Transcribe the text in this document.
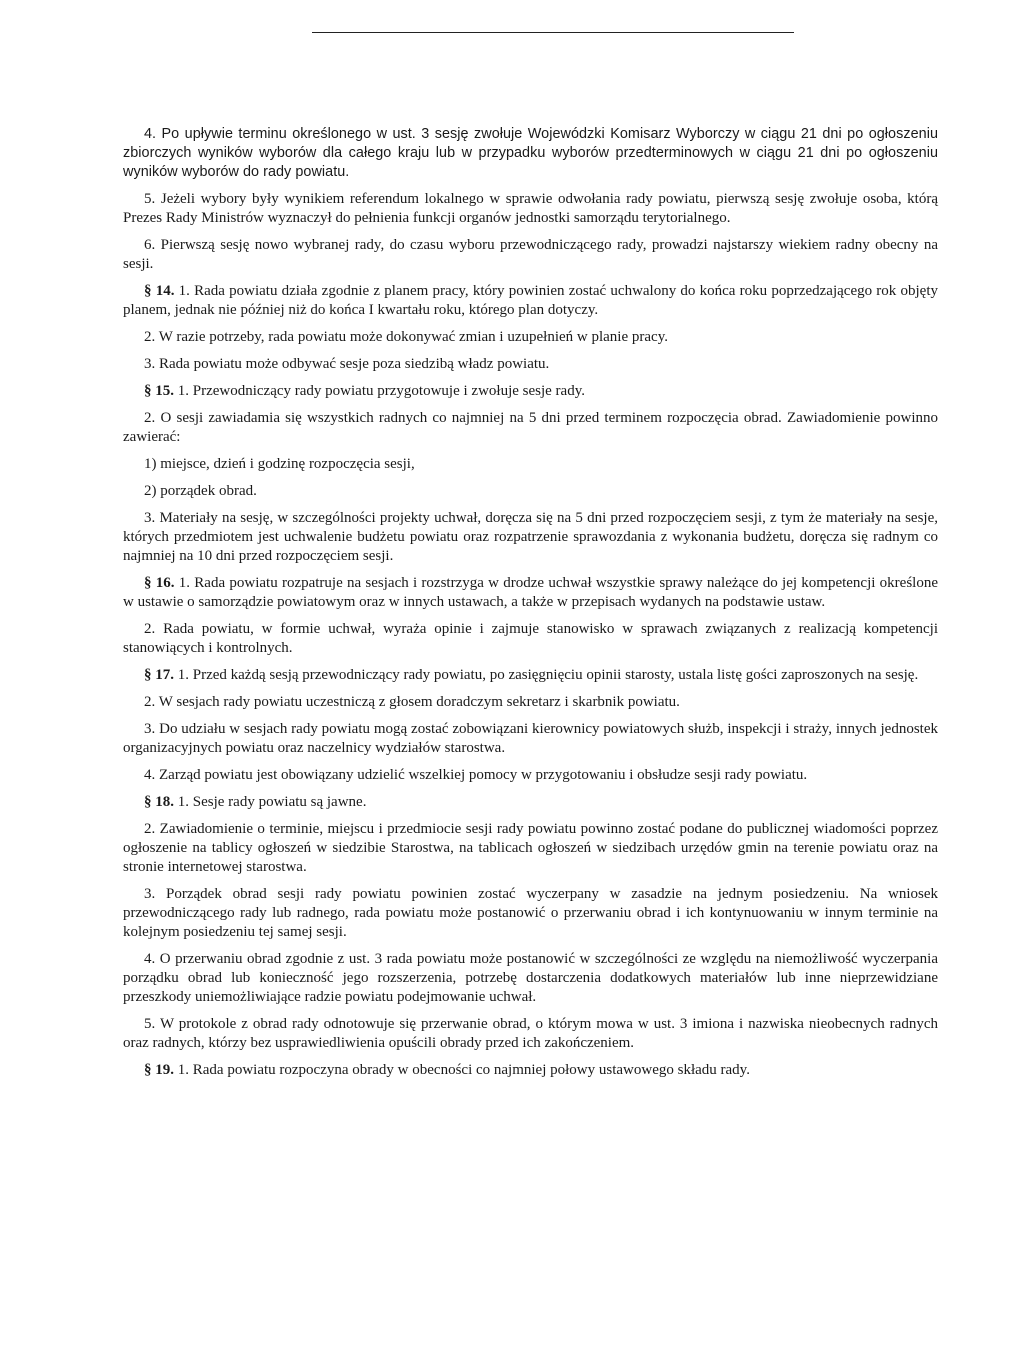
4. Po upływie terminu określonego w ust. 3 sesję zwołuje Wojewódzki Komisarz Wyborczy w ciągu 21 dni po ogłoszeniu zbiorczych wyników wyborów dla całego kraju lub w przypadku wyborów przedterminowych w ciągu 21 dni po ogłoszeniu wyników wyborów do rady powiatu.

5. Jeżeli wybory były wynikiem referendum lokalnego w sprawie odwołania rady powiatu, pierwszą sesję zwołuje osoba, którą Prezes Rady Ministrów wyznaczył do pełnienia funkcji organów jednostki samorządu terytorialnego.

6. Pierwszą sesję nowo wybranej rady, do czasu wyboru przewodniczącego rady, prowadzi najstarszy wiekiem radny obecny na sesji.

§ 14. 1. Rada powiatu działa zgodnie z planem pracy, który powinien zostać uchwalony do końca roku poprzedzającego rok objęty planem, jednak nie później niż do końca I kwartału roku, którego plan dotyczy.

2. W razie potrzeby, rada powiatu może dokonywać zmian i uzupełnień w planie pracy.

3. Rada powiatu może odbywać sesje poza siedzibą władz powiatu.

§ 15. 1. Przewodniczący rady powiatu przygotowuje i zwołuje sesje rady.

2. O sesji zawiadamia się wszystkich radnych co najmniej na 5 dni przed terminem rozpoczęcia obrad. Zawiadomienie powinno zawierać:

1) miejsce, dzień i godzinę rozpoczęcia sesji,

2) porządek obrad.

3. Materiały na sesję, w szczególności projekty uchwał, doręcza się na 5 dni przed rozpoczęciem sesji, z tym że materiały na sesje, których przedmiotem jest uchwalenie budżetu powiatu oraz rozpatrzenie sprawozdania z wykonania budżetu, doręcza się radnym co najmniej na 10 dni przed rozpoczęciem sesji.

§ 16. 1. Rada powiatu rozpatruje na sesjach i rozstrzyga w drodze uchwał wszystkie sprawy należące do jej kompetencji określone w ustawie o samorządzie powiatowym oraz w innych ustawach, a także w przepisach wydanych na podstawie ustaw.

2. Rada powiatu, w formie uchwał, wyraża opinie i zajmuje stanowisko w sprawach związanych z realizacją kompetencji stanowiących i kontrolnych.

§ 17. 1. Przed każdą sesją przewodniczący rady powiatu, po zasięgnięciu opinii starosty, ustala listę gości zaproszonych na sesję.

2. W sesjach rady powiatu uczestniczą z głosem doradczym sekretarz i skarbnik powiatu.

3. Do udziału w sesjach rady powiatu mogą zostać zobowiązani kierownicy powiatowych służb, inspekcji i straży, innych jednostek organizacyjnych powiatu oraz naczelnicy wydziałów starostwa.

4. Zarząd powiatu jest obowiązany udzielić wszelkiej pomocy w przygotowaniu i obsłudze sesji rady powiatu.

§ 18. 1. Sesje rady powiatu są jawne.

2. Zawiadomienie o terminie, miejscu i przedmiocie sesji rady powiatu powinno zostać podane do publicznej wiadomości poprzez ogłoszenie na tablicy ogłoszeń w siedzibie Starostwa, na tablicach ogłoszeń w siedzibach urzędów gmin na terenie powiatu oraz na stronie internetowej starostwa.

3. Porządek obrad sesji rady powiatu powinien zostać wyczerpany w zasadzie na jednym posiedzeniu. Na wniosek przewodniczącego rady lub radnego, rada powiatu może postanowić o przerwaniu obrad i ich kontynuowaniu w innym terminie na kolejnym posiedzeniu tej samej sesji.

4. O przerwaniu obrad zgodnie z ust. 3 rada powiatu może postanowić w szczególności ze względu na niemożliwość wyczerpania porządku obrad lub konieczność jego rozszerzenia, potrzebę dostarczenia dodatkowych materiałów lub inne nieprzewidziane przeszkody uniemożliwiające radzie powiatu podejmowanie uchwał.

5. W protokole z obrad rady odnotowuje się przerwanie obrad, o którym mowa w ust. 3 imiona i nazwiska nieobecnych radnych oraz radnych, którzy bez usprawiedliwienia opuścili obrady przed ich zakończeniem.

§ 19. 1. Rada powiatu rozpoczyna obrady w obecności co najmniej połowy ustawowego składu rady.
